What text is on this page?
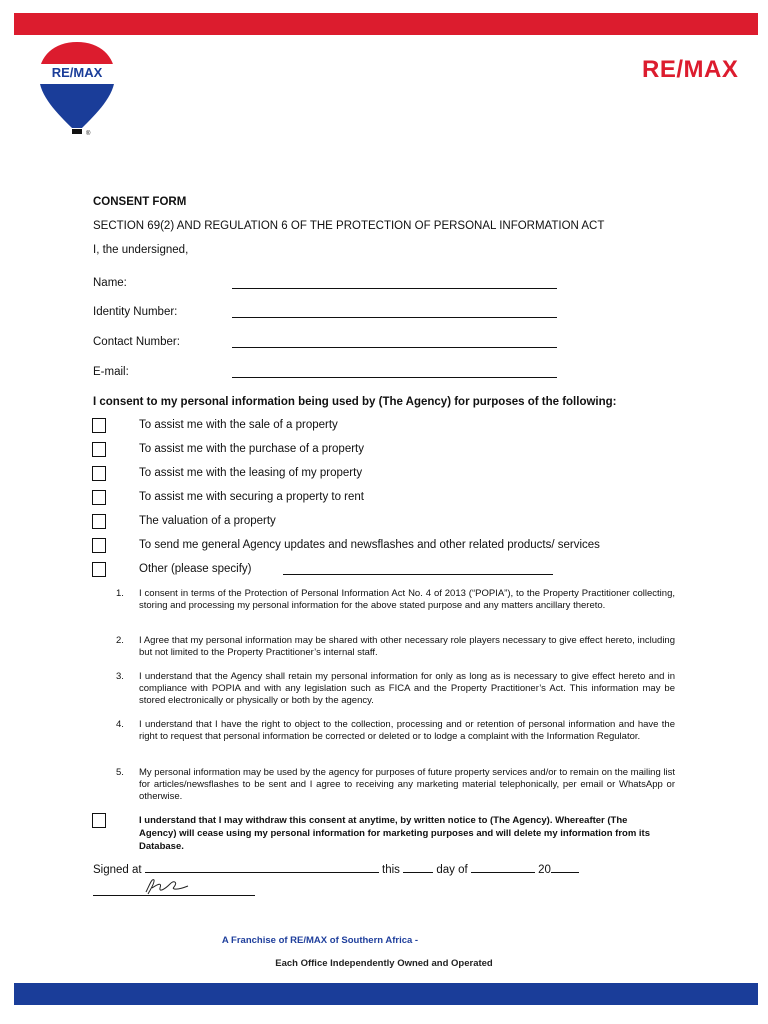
RE/MAX
®
RE/MAX
CONSENT FORM
SECTION 69(2) AND REGULATION 6 OF THE PROTECTION OF PERSONAL INFORMATION ACT
I, the undersigned,
Name:
Identity Number:
Contact Number:
E-mail:
I consent to my personal information being used by (The Agency) for purposes of the following:
To assist me with the sale of a property
To assist me with the purchase of a property
To assist me with the leasing of my property
To assist me with securing a property to rent
The valuation of a property
To send me general Agency updates and newsflashes and other related products/ services
Other (please specify)
1. I consent in terms of the Protection of Personal Information Act No. 4 of 2013 (“POPIA”), to the Property Practitioner collecting, storing and processing my personal information for the above stated purpose and any matters ancillary thereto.
2. I Agree that my personal information may be shared with other necessary role players necessary to give effect hereto, including but not limited to the Property Practitioner’s internal staff.
3. I understand that the Agency shall retain my personal information for only as long as is necessary to give effect hereto and in compliance with POPIA and with any legislation such as FICA and the Property Practitioner’s Act. This information may be stored electronically or physically or both by the agency.
4. I understand that I have the right to object to the collection, processing and or retention of personal information and have the right to request that personal information be corrected or deleted or to lodge a complaint with the Information Regulator.
5. My personal information may be used by the agency for purposes of future property services and/or to remain on the mailing list for articles/newsflashes to be sent and I agree to receiving any marketing material telephonically, per email or WhatsApp or otherwise.
I understand that I may withdraw this consent at anytime, by written notice to (The Agency). Whereafter (The Agency) will cease using my personal information for marketing purposes and will delete my information from its Database.
Signed at	this	day of	20
A Franchise of RE/MAX of Southern Africa -
Each Office Independently Owned and Operated
